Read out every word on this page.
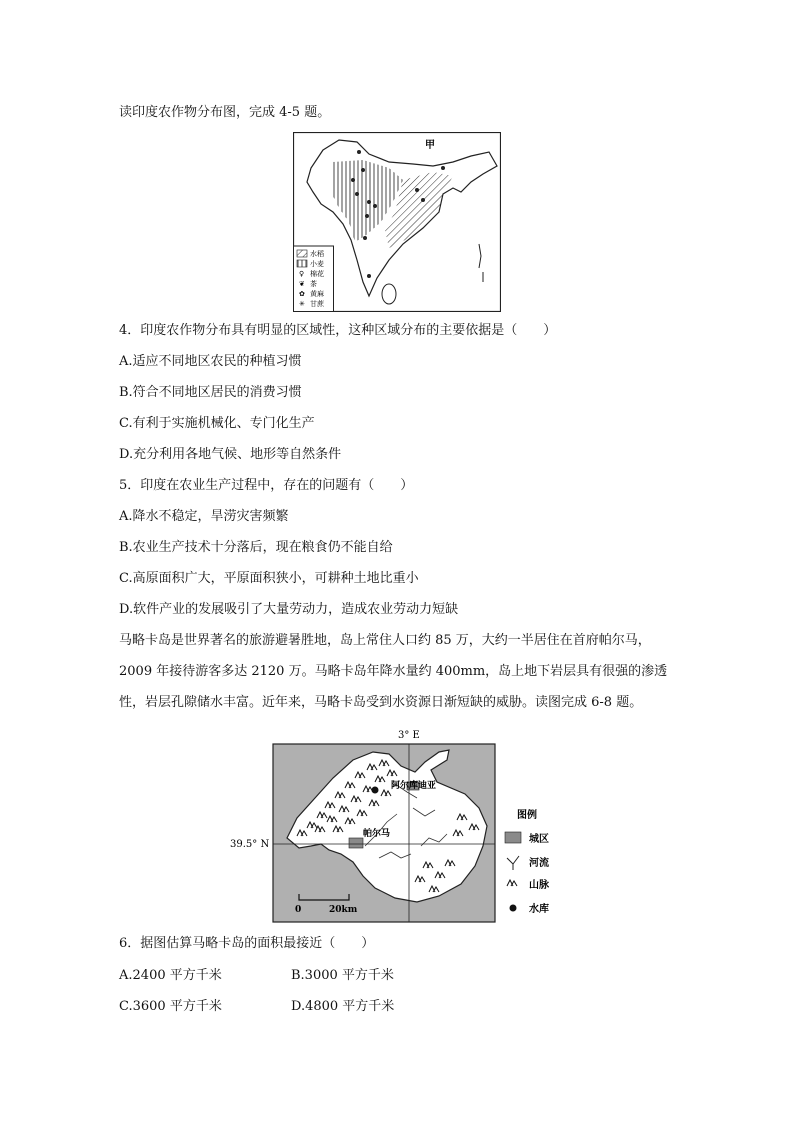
读印度农作物分布图，完成 4-5 题。
甲
♀
❦
✿
✳
水稻
小麦
棉花
茶
黄麻
甘蔗
4．印度农作物分布具有明显的区域性，这种区域分布的主要依据是（　　）
A.适应不同地区农民的种植习惯
B.符合不同地区居民的消费习惯
C.有利于实施机械化、专门化生产
D.充分利用各地气候、地形等自然条件
5．印度在农业生产过程中，存在的问题有（　　）
A.降水不稳定，旱涝灾害频繁
B.农业生产技术十分落后，现在粮食仍不能自给
C.高原面积广大，平原面积狭小，可耕种土地比重小
D.软件产业的发展吸引了大量劳动力，造成农业劳动力短缺
马略卡岛是世界著名的旅游避暑胜地，岛上常住人口约 85 万，大约一半居住在首府帕尔马，
2009 年接待游客多达 2120 万。马略卡岛年降水量约 400mm，岛上地下岩层具有很强的渗透
性，岩层孔隙储水丰富。近年来，马略卡岛受到水资源日渐短缺的威胁。读图完成 6-8 题。
3° E
阿尔库迪亚
帕尔马
39.5° N
0	20km
图例
城区
河流
山脉
水库
6．据图估算马略卡岛的面积最接近（　　）
A.2400 平方千米	B.3000 平方千米
C.3600 平方千米	D.4800 平方千米
